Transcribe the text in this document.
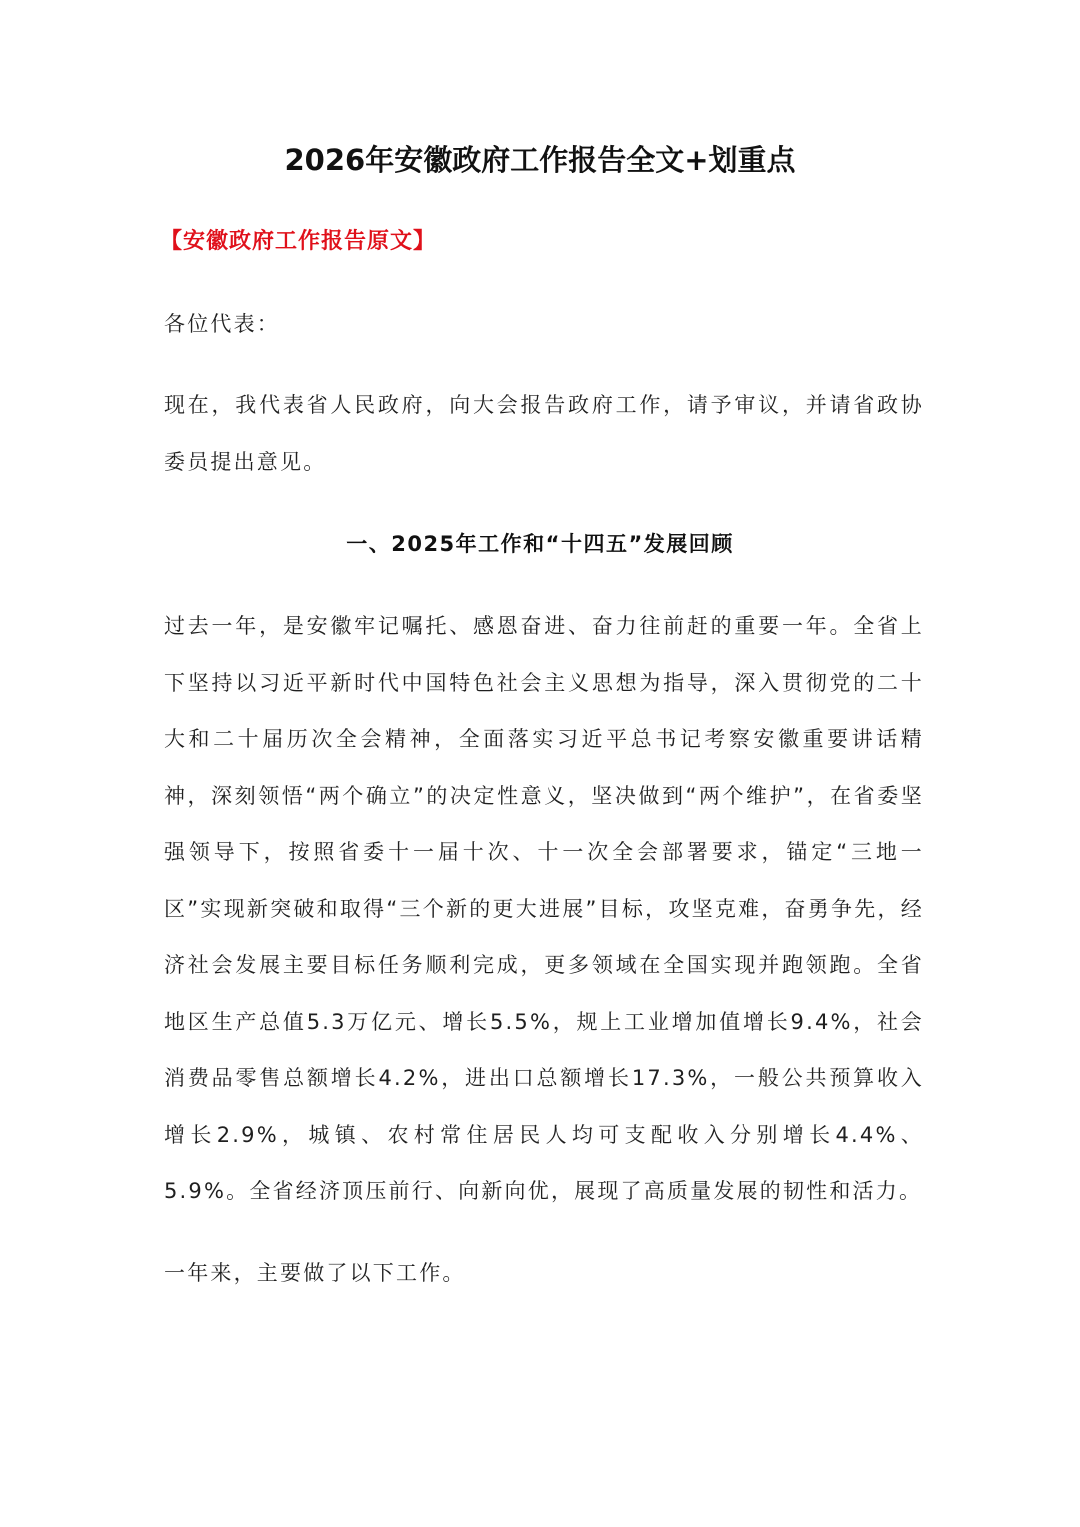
2026年安徽政府工作报告全文+划重点
【安徽政府工作报告原文】
各位代表：
现在，我代表省人民政府，向大会报告政府工作，请予审议，并请省政协委员提出意见。
一、2025年工作和“十四五”发展回顾
过去一年，是安徽牢记嘱托、感恩奋进、奋力往前赶的重要一年。全省上下坚持以习近平新时代中国特色社会主义思想为指导，深入贯彻党的二十大和二十届历次全会精神，全面落实习近平总书记考察安徽重要讲话精神，深刻领悟“两个确立”的决定性意义，坚决做到“两个维护”，在省委坚强领导下，按照省委十一届十次、十一次全会部署要求，锚定“三地一区”实现新突破和取得“三个新的更大进展”目标，攻坚克难，奋勇争先，经济社会发展主要目标任务顺利完成，更多领域在全国实现并跑领跑。全省地区生产总值5.3万亿元、增长5.5%，规上工业增加值增长9.4%，社会消费品零售总额增长4.2%，进出口总额增长17.3%，一般公共预算收入增长2.9%，城镇、农村常住居民人均可支配收入分别增长4.4%、5.9%。全省经济顶压前行、向新向优，展现了高质量发展的韧性和活力。
一年来，主要做了以下工作。
